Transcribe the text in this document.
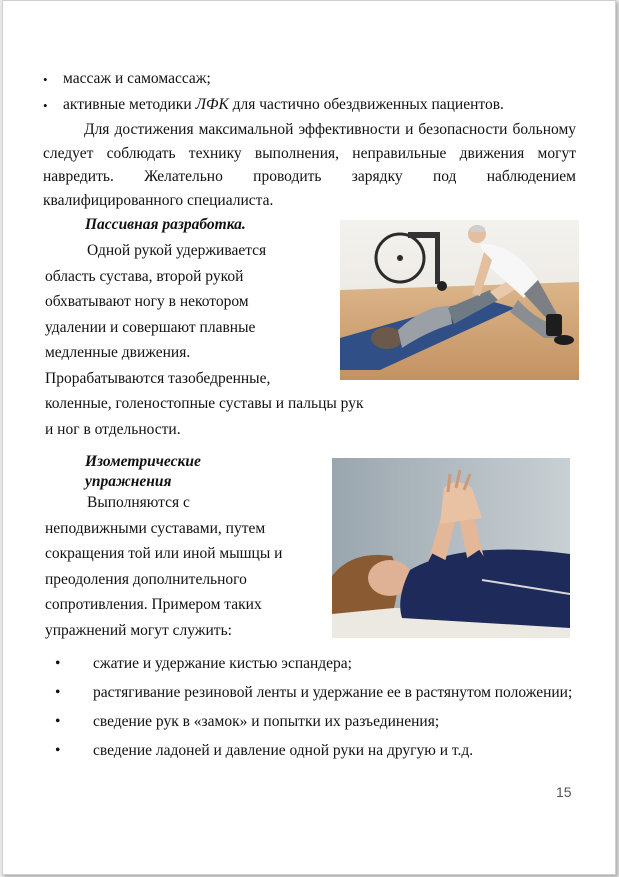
• массаж и самомассаж;
• активные методики ЛФК для частично обездвиженных пациентов.
Для достижения максимальной эффективности и безопасности больному следует соблюдать технику выполнения, неправильные движения могут навредить. Желательно проводить зарядку под наблюдением квалифицированного специалиста.
Пассивная разработка.
Одной рукой удерживается
область сустава, второй рукой
обхватывают ногу в некотором
удалении и совершают плавные
медленные движения.
Прорабатываются тазобедренные,
коленные, голеностопные суставы и пальцы рук
и ног в отдельности.
Изометрические
упражнения
Выполняются с
неподвижными суставами, путем
сокращения той или иной мышцы и
преодоления дополнительного
сопротивления. Примером таких
упражнений могут служить:
• сжатие и удержание кистью эспандера;
• растягивание резиновой ленты и удержание ее в растянутом положении;
• сведение рук в «замок» и попытки их разъединения;
• сведение ладоней и давление одной руки на другую и т.д.
15
